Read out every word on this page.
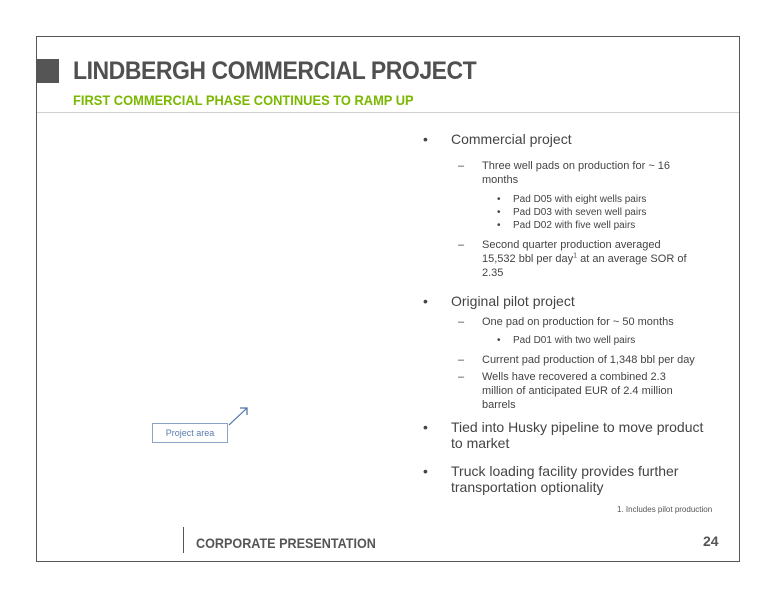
LINDBERGH COMMERCIAL PROJECT
FIRST COMMERCIAL PHASE CONTINUES TO RAMP UP
• Commercial project
– Three well pads on production for ~ 16
months
• Pad D05 with eight wells pairs
• Pad D03 with seven well pairs
• Pad D02 with five well pairs
– Second quarter production averaged
15,532 bbl per day$^1$ at an average SOR of
2.35
• Original pilot project
– One pad on production for ~ 50 months
• Pad D01 with two well pairs
– Current pad production of 1,348 bbl per day
– Wells have recovered a combined 2.3
million of anticipated EUR of 2.4 million
barrels
• Tied into Husky pipeline to move product
to market
• Truck loading facility provides further
transportation optionality
Project area
1. Includes pilot production
CORPORATE PRESENTATION	24
